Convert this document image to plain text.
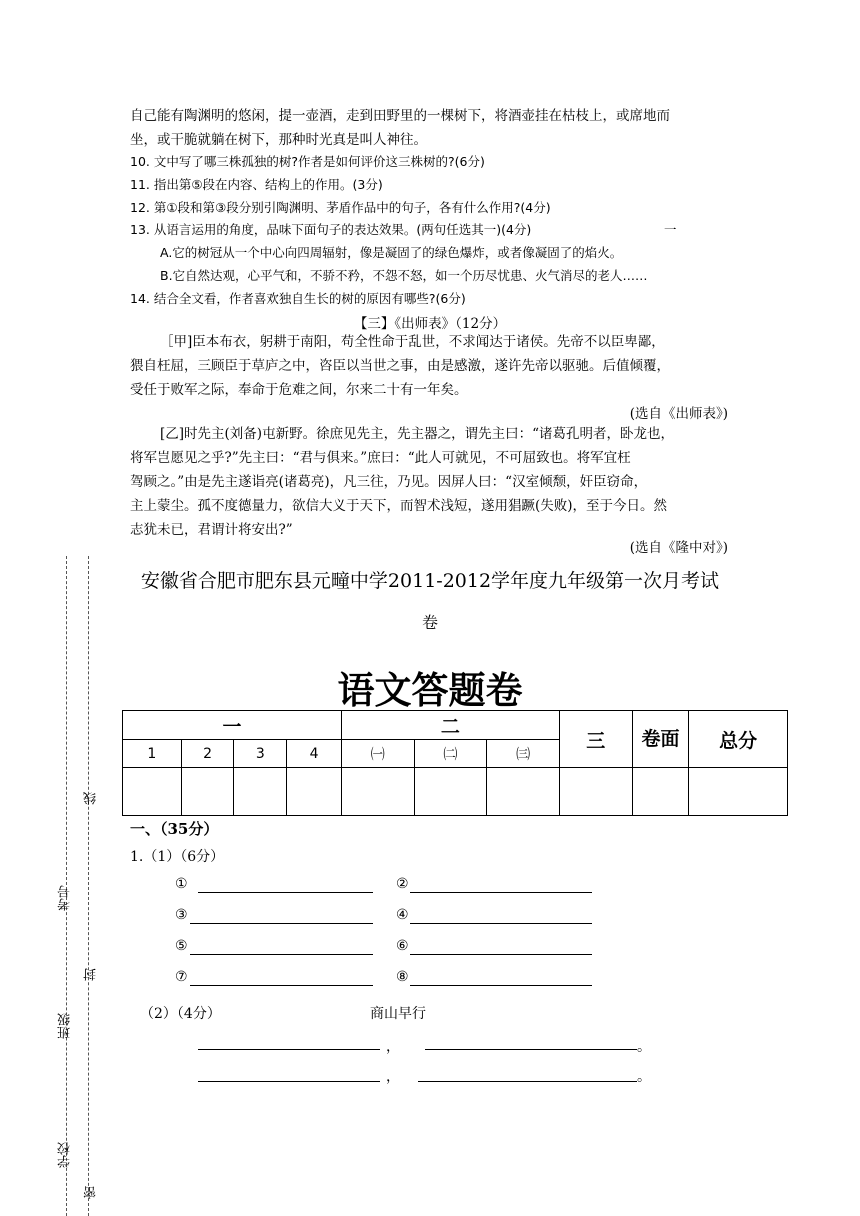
自己能有陶渊明的悠闲，提一壶酒，走到田野里的一棵树下，将酒壶挂在枯枝上，或席地而
坐，或干脆就躺在树下，那种时光真是叫人神往。
10. 文中写了哪三株孤独的树?作者是如何评价这三株树的?(6分)
11. 指出第⑤段在内容、结构上的作用。(3分)
12. 第①段和第③段分别引陶渊明、茅盾作品中的句子，各有什么作用?(4分)
13. 从语言运用的角度，品味下面句子的表达效果。(两句任选其一)(4分)	一
A.它的树冠从一个中心向四周辐射，像是凝固了的绿色爆炸，或者像凝固了的焰火。
B.它自然达观，心平气和，不骄不矜，不怨不怒，如一个历尽忧患、火气消尽的老人……
14. 结合全文看，作者喜欢独自生长的树的原因有哪些?(6分)
【三】《出师表》（12分）
［甲]臣本布衣，躬耕于南阳，苟全性命于乱世，不求闻达于诸侯。先帝不以臣卑鄙，
猥自枉屈，三顾臣于草庐之中，咨臣以当世之事，由是感激，遂许先帝以驱驰。后值倾覆，
受任于败军之际，奉命于危难之间，尔来二十有一年矣。
(选自《出师表》)
[乙]时先主(刘备)屯新野。徐庶见先主，先主器之，谓先主曰：“诸葛孔明者，卧龙也，
将军岂愿见之乎?”先主曰：“君与俱来。”庶曰：“此人可就见，不可屈致也。将军宜枉
驾顾之。”由是先主遂诣亮(诸葛亮)，凡三往，乃见。因屏人曰：“汉室倾颓，奸臣窃命，
主上蒙尘。孤不度德量力，欲信大义于天下，而智术浅短，遂用猖蹶(失败)，至于今日。然
志犹未已，君谓计将安出?”
(选自《隆中对》)
安徽省合肥市肥东县元疃中学2011-2012学年度九年级第一次月考试
卷
语文答题卷
一				二			三	卷面	总分
1	2	3	4	㈠	㈡	㈢			

一、（35分）
1.（1）（6分）
①	②
③	④
⑤	⑥
⑦	⑧
（2）（4分）	商山早行
，	。
，	。
线
考号
封
班级
学校
密
